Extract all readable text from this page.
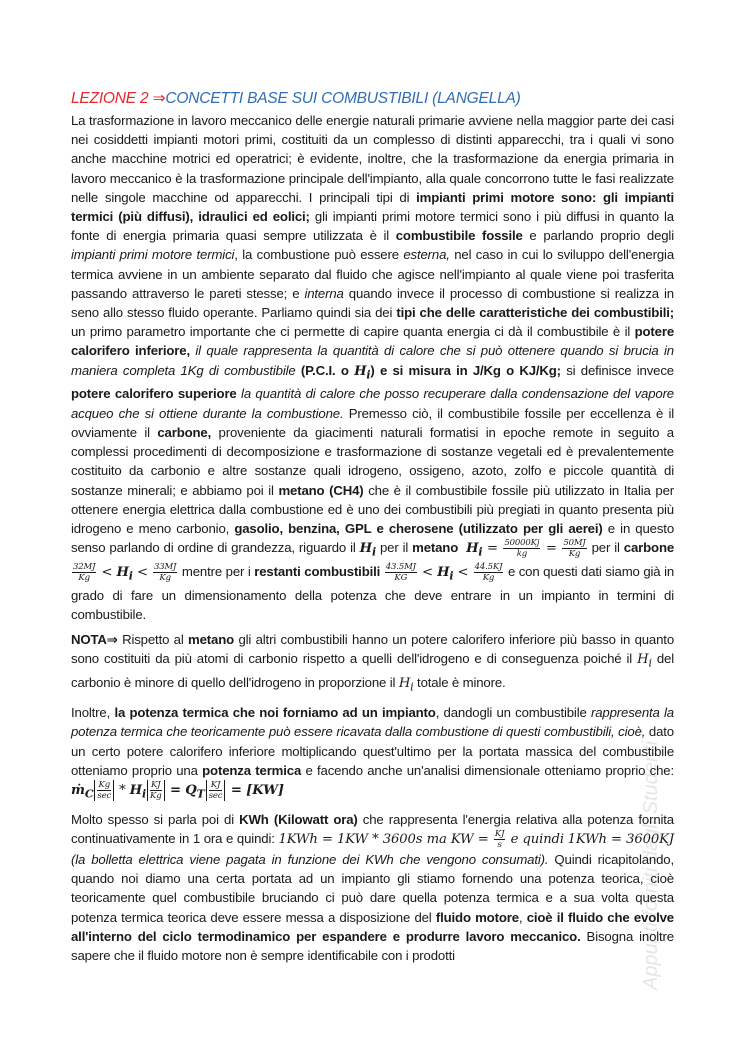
Appunti forniti dagli Studenti
LEZIONE 2 ⇒CONCETTI BASE SUI COMBUSTIBILI (LANGELLA)

La trasformazione in lavoro meccanico delle energie naturali primarie avviene nella maggior parte dei casi nei cosiddetti impianti motori primi, costituiti da un complesso di distinti apparecchi, tra i quali vi sono anche macchine motrici ed operatrici; è evidente, inoltre, che la trasformazione da energia primaria in lavoro meccanico è la trasformazione principale dell'impianto, alla quale concorrono tutte le fasi realizzate nelle singole macchine od apparecchi. I principali tipi di impianti primi motore sono: gli impianti termici (più diffusi), idraulici ed eolici; gli impianti primi motore termici sono i più diffusi in quanto la fonte di energia primaria quasi sempre utilizzata è il combustibile fossile e parlando proprio degli impianti primi motore termici, la combustione può essere esterna, nel caso in cui lo sviluppo dell'energia termica avviene in un ambiente separato dal fluido che agisce nell'impianto al quale viene poi trasferita passando attraverso le pareti stesse; e interna quando invece il processo di combustione si realizza in seno allo stesso fluido operante. Parliamo quindi sia dei tipi che delle caratteristiche dei combustibili; un primo parametro importante che ci permette di capire quanta energia ci dà il combustibile è il potere calorifero inferiore, il quale rappresenta la quantità di calore che si può ottenere quando si brucia in maniera completa 1Kg di combustibile (P.C.I. o $H_i$) e si misura in J/Kg o KJ/Kg; si definisce invece potere calorifero superiore la quantità di calore che posso recuperare dalla condensazione del vapore acqueo che si ottiene durante la combustione. Premesso ciò, il combustibile fossile per eccellenza è il ovviamente il carbone, proveniente da giacimenti naturali formatisi in epoche remote in seguito a complessi procedimenti di decomposizione e trasformazione di sostanze vegetali ed è prevalentemente costituito da carbonio e altre sostanze quali idrogeno, ossigeno, azoto, zolfo e piccole quantità di sostanze minerali; e abbiamo poi il metano (CH4) che è il combustibile fossile più utilizzato in Italia per ottenere energia elettrica dalla combustione ed è uno dei combustibili più pregiati in quanto presenta più idrogeno e meno carbonio, gasolio, benzina, GPL e cherosene (utilizzato per gli aerei) e in questo senso parlando di ordine di grandezza, riguardo il $H_i$ per il metano $H_i = \frac{50000Kj}{kg} = \frac{50MJ}{Kg}$ per il carbone
$\frac{32MJ}{Kg} < H_i < \frac{33MJ}{Kg}$ mentre per i restanti combustibili $\frac{43.5MJ}{KG} < H_i < \frac{44.5KJ}{Kg}$ e con questi dati siamo già in grado di fare un dimensionamento della potenza che deve entrare in un impianto in termini di combustibile.

NOTA⇒ Rispetto al metano gli altri combustibili hanno un potere calorifero inferiore più basso in quanto sono costituiti da più atomi di carbonio rispetto a quelli dell'idrogeno e di conseguenza poiché il $H_i$ del carbonio è minore di quello dell'idrogeno in proporzione il $H_i$ totale è minore.

Inoltre, la potenza termica che noi forniamo ad un impianto, dandogli un combustibile rappresenta la potenza termica che teoricamente può essere ricavata dalla combustione di questi combustibili, cioè, dato un certo potere calorifero inferiore moltiplicando quest'ultimo per la portata massica del combustibile otteniamo proprio una potenza termica e facendo anche un'analisi dimensionale otteniamo proprio che: ṁ$_C$ $\frac{Kg}{\sec} * H_i \frac{KJ}{Kg} = Q_T \frac{KJ}{\sec} = [KW]$

Molto spesso si parla poi di KWh (Kilowatt ora) che rappresenta l'energia relativa alla potenza fornita continuativamente in 1 ora e quindi: 1KWh = 1KW * 3600s ma KW = $\frac{KJ}{s}$ e quindi 1KWh = 3600KJ (la bolletta elettrica viene pagata in funzione dei KWh che vengono consumati). Quindi ricapitolando, quando noi diamo una certa portata ad un impianto gli stiamo fornendo una potenza teorica, cioè teoricamente quel combustibile bruciando ci può dare quella potenza termica e a sua volta questa potenza termica teorica deve essere messa a disposizione del fluido motore, cioè il fluido che evolve all'interno del ciclo termodinamico per espandere e produrre lavoro meccanico. Bisogna inoltre sapere che il fluido motore non è sempre identificabile con i prodotti
